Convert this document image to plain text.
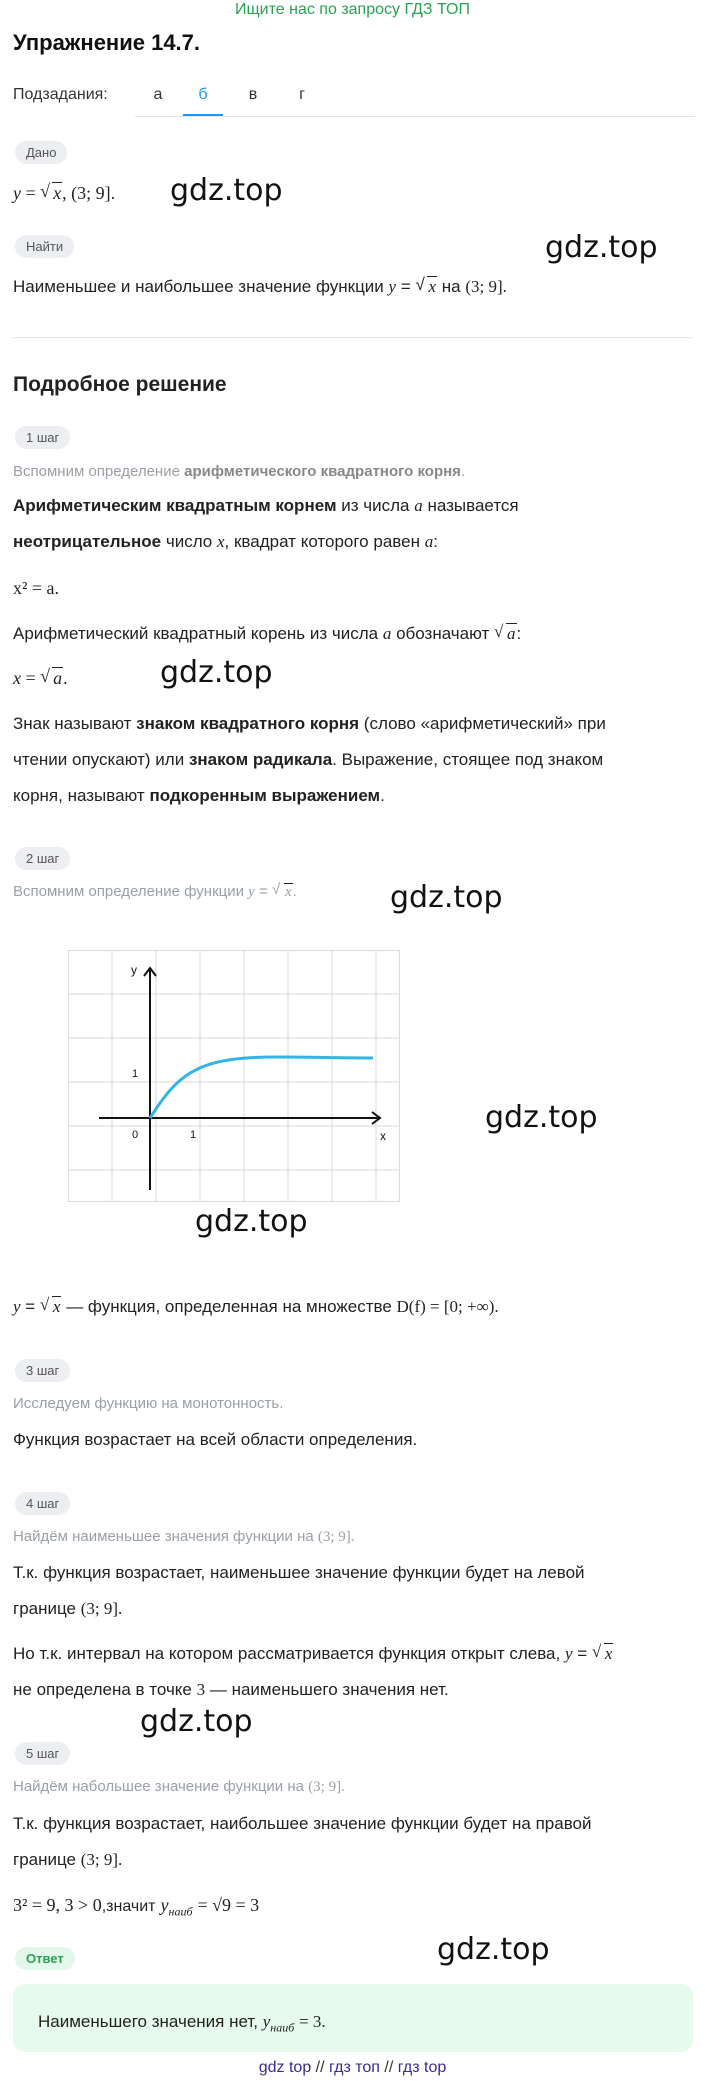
Ищите нас по запросу ГДЗ ТОП
Упражнение 14.7.
Подзадания:	а	б	в	г
Дано
y = √ x, (3; 9]. gdz.top
Найти	gdz.top
Наименьшее и наибольшее значение функции y = √ x на (3; 9].
Подробное решение
1 шаг
Вспомним определение арифметического квадратного корня.
Арифметическим квадратным корнем из числа a называется
неотрицательное число x, квадрат которого равен a:
x² = a.
Арифметический квадратный корень из числа a обозначают √ a:
x = √ a.	gdz.top
Знак называют знаком квадратного корня (слово «арифметический» при
чтении опускают) или знаком радикала. Выражение, стоящее под знаком
корня, называют подкоренным выражением.
2 шаг
Вспомним определение функции y = √ x.	gdz.top
y
x
0	1
1
gdz.top
gdz.top
y = √ x — функция, определенная на множестве D(f) = [0; +∞).
3 шаг
Исследуем функцию на монотонность.
Функция возрастает на всей области определения.
4 шаг
Найдём наименьшее значения функции на (3; 9].
Т.к. функция возрастает, наименьшее значение функции будет на левой
границе (3; 9].
Но т.к. интервал на котором рассматривается функция открыт слева, y = √ x
не определена в точке 3 — наименьшего значения нет.
gdz.top
5 шаг
Найдём набольшее значение функции на (3; 9].
Т.к. функция возрастает, наибольшее значение функции будет на правой
границе (3; 9].
3² = 9, 3 > 0,значит $y_{наиб} = √9 = 3$
Ответ	gdz.top
Наименьшего значения нет, $y_{наиб} = 3$.
gdz top // гдз топ // гдз top
